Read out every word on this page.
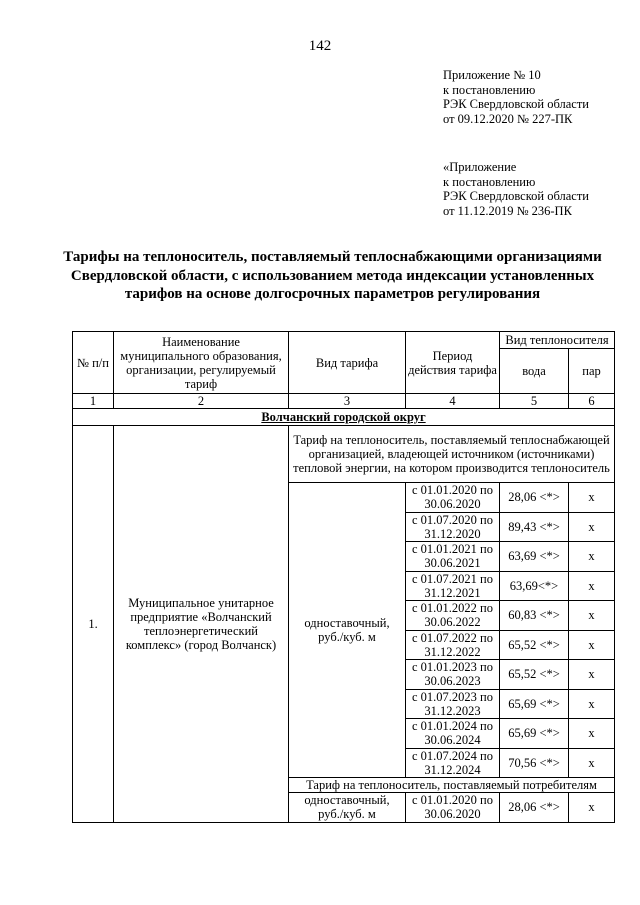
142
Приложение № 10
к постановлению
РЭК Свердловской области
от 09.12.2020 № 227-ПК
«Приложение
к постановлению
РЭК Свердловской области
от 11.12.2019 № 236-ПК
Тарифы на теплоноситель, поставляемый теплоснабжающими организациями Свердловской области, с использованием метода индексации установленных тарифов на основе долгосрочных параметров регулирования
№ п/п	Наименование муниципального образования, организации, регулируемый тариф	Вид тарифа	Период действия тарифа	Вид теплоносителя	
				вода	пар
1	2	3	4	5	6
Волчанский городской округ					
1.	Муниципальное унитарное предприятие «Волчанский теплоэнергетический комплекс» (город Волчанск)	Тариф на теплоноситель, поставляемый теплоснабжающей организацией, владеющей источником (источниками) тепловой энергии, на котором производится теплоноситель			
		одноставочный, руб./куб. м	с 01.01.2020 по 30.06.2020	28,06 <*>	х
			с 01.07.2020 по 31.12.2020	89,43 <*>	х
			с 01.01.2021 по 30.06.2021	63,69 <*>	х
			с 01.07.2021 по 31.12.2021	63,69<*>	х
			с 01.01.2022 по 30.06.2022	60,83 <*>	х
			с 01.07.2022 по 31.12.2022	65,52 <*>	х
			с 01.01.2023 по 30.06.2023	65,52 <*>	х
			с 01.07.2023 по 31.12.2023	65,69 <*>	х
			с 01.01.2024 по 30.06.2024	65,69 <*>	х
			с 01.07.2024 по 31.12.2024	70,56 <*>	х
		Тариф на теплоноситель, поставляемый потребителям			
		одноставочный, руб./куб. м	с 01.01.2020 по 30.06.2020	28,06 <*>	х
